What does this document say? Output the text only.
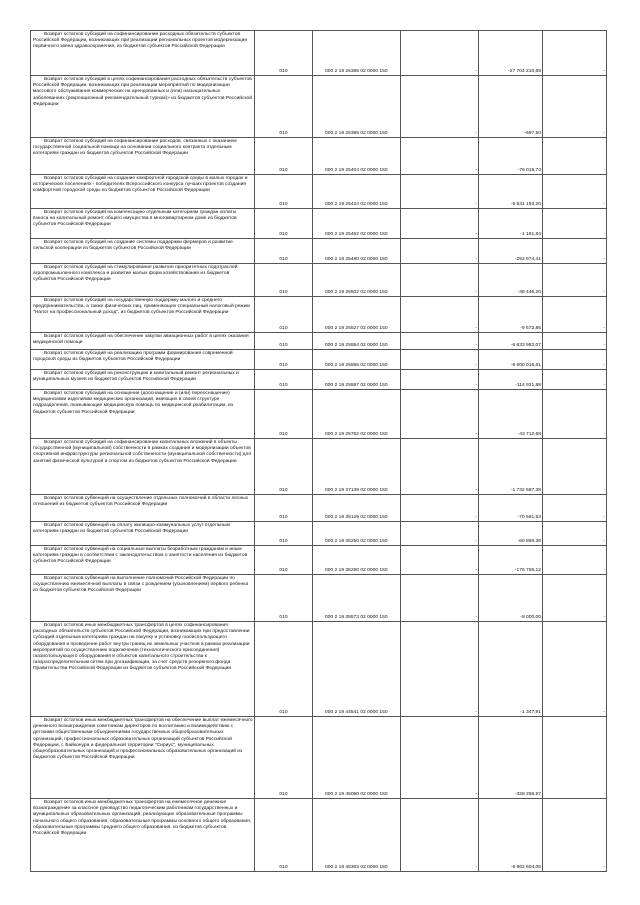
Возврат остатков субсидий на софинансирование расходных обязательств субъектов Российской Федерации, возникающих при реализации региональных проектов модернизации первичного звена здравоохранения, из бюджетов субъектов Российской Федерации	010	000 2 19 25365 02 0000 150	-	-27 704 210,69	-

Возврат остатков субсидий в целях софинансирования расходных обязательств субъектов Российской Федерации, возникающих при реализации мероприятий по модернизации массового обслуживания коммерческих на арендованных и (или) насыщательных заболеваниях (рекреационный рекомендательный туризм)» из бюджетов субъектов Российской Федерации	010	000 2 19 25385 02 0000 150	-	-697,50	-

Возврат остатков субсидий на софинансирование расходов, связанных с оказанием государственной социальной помощи на основании социального контракта отдельным категориям граждан из бюджетов субъектов Российской Федерации	010	000 2 19 25404 02 0000 150	-	-76 015,74	-

Возврат остатков субсидий на создание комфортной городской среды в малых городах и исторических поселениях - победителях Всероссийского конкурса лучших проектов создания комфортной городской среды из бюджетов субъектов Российской Федерации	010	000 2 19 25424 02 0000 150	-	-5 531 193,20	-

Возврат остатков субсидий на компенсацию отдельным категориям граждан оплаты взноса на капитальный ремонт общего имущества в многоквартирном доме из бюджетов субъектов Российской Федерации	010	000 2 19 25462 02 0000 150	-	-1 181,84	-

Возврат остатков субсидий на создание системы поддержки фермеров и развитие сельской кооперации из бюджетов субъектов Российской Федерации	010	000 2 19 25480 02 0000 150	-	-252 974,41	-

Возврат остатков субсидий на стимулирование развития приоритетных подотраслей агропромышленного комплекса и развитие малых форм хозяйствования из бюджетов субъектов Российской Федерации	010	000 2 19 25502 02 0000 150	-	-38 446,20	-

Возврат остатков субсидий на государственную поддержку малого и среднего предпринимательства, а также физических лиц, применяющих специальный налоговый режим "Налог на профессиональный доход", из бюджетов субъектов Российской Федерации	010	000 2 19 25527 02 0000 150	-	-9 572,86	-

Возврат остатков субсидий на обеспечение закупки авиационных работ в целях оказания медицинской помощи	010	000 2 19 25554 02 0000 150	-	-6 633 982,07	-

Возврат остатков субсидий на реализацию программ формирования современной городской среды из бюджетов субъектов Российской Федерации	010	000 2 19 25555 02 0000 150	-	-6 600 016,61	-

Возврат остатков субсидий на реконструкцию и капитальный ремонт региональных и муниципальных музеев из бюджетов субъектов Российской Федерации	010	000 2 19 25597 02 0000 150	-	-114 931,88	-

Возврат остатков субсидий на оснащение (дооснащение и (или) переоснащение) медицинскими изделиями медицинских организаций, имеющих в своей структуре подразделения, оказывающие медицинскую помощь по медицинской реабилитации, из бюджетов субъектов Российской Федерации	010	000 2 19 25752 02 0000 150	-	-43 712,68	-

Возврат остатков субсидий на софинансирование капитальных вложений в объекты государственной (муниципальной) собственности в рамках создания и модернизации объектов спортивной инфраструктуры региональной собственности (муниципальной собственности) для занятий физической культурой и спортом из бюджетов субъектов Российской Федерации	010	000 2 19 27139 02 0000 150	-	-1 732 587,38	-

Возврат остатков субвенций на осуществление отдельных полномочий в области лесных отношений из бюджетов субъектов Российской Федерации	010	000 2 19 35129 02 0000 150	-	-70 581,53	-

Возврат остатков субвенций на оплату жилищно-коммунальных услуг отдельным категориям граждан из бюджетов субъектов Российской Федерации	010	000 2 19 35250 02 0000 150	-	-60 869,36	-

Возврат остатков субвенций на социальные выплаты безработным гражданам и иным категориям граждан в соответствии с законодательством о занятости населения из бюджетов субъектов Российской Федерации	010	000 2 19 35290 02 0000 150	-	-176 765,12	-

Возврат остатков субвенций на выполнение полномочий Российской Федерации по осуществлению ежемесячной выплаты в связи с рождением (усыновлением) первого ребенка из бюджетов субъектов Российской Федерации	010	000 2 19 35573 02 0000 150	-	-8 000,00	-

Возврат остатков иных межбюджетных трансфертов в целях софинансирования расходных обязательств субъектов Российской Федерации, возникающих при предоставлении субсидий отдельным категориям граждан на покупку и установку газоиспользующего оборудования и проведение работ внутри границ их земельных участков в рамках реализации мероприятий по осуществлению подключения (технологического присоединения) газоиспользующего оборудования и объектов капитального строительства к газораспределительным сетям при догазификации, за счет средств резервного фонда Правительства Российской Федерации из бюджетов субъектов Российской Федерации	010	000 2 19 44541 02 0000 150	-	-1 347,91	-

Возврат остатков иных межбюджетных трансфертов на обеспечение выплат ежемесячного денежного вознаграждения советникам директоров по воспитанию и взаимодействию с детскими общественными объединениями государственных общеобразовательных организаций, профессиональных образовательных организаций субъектов Российской Федерации, г. Байконура и федеральной территории "Сириус", муниципальных общеобразовательных организаций и профессиональных образовательных организаций из бюджетов субъектов Российской Федерации	010	000 2 19 45050 02 0000 150	-	-328 256,97	-

Возврат остатков иных межбюджетных трансфертов на ежемесячное денежное вознаграждение за классное руководство педагогическим работникам государственных и муниципальных образовательных организаций, реализующих образовательные программы начального общего образования, образовательные программы основного общего образования, образовательные программы среднего общего образования, из бюджетов субъектов Российской Федерации	010	000 2 19 45303 02 0000 150	-	-6 962 604,06	-
